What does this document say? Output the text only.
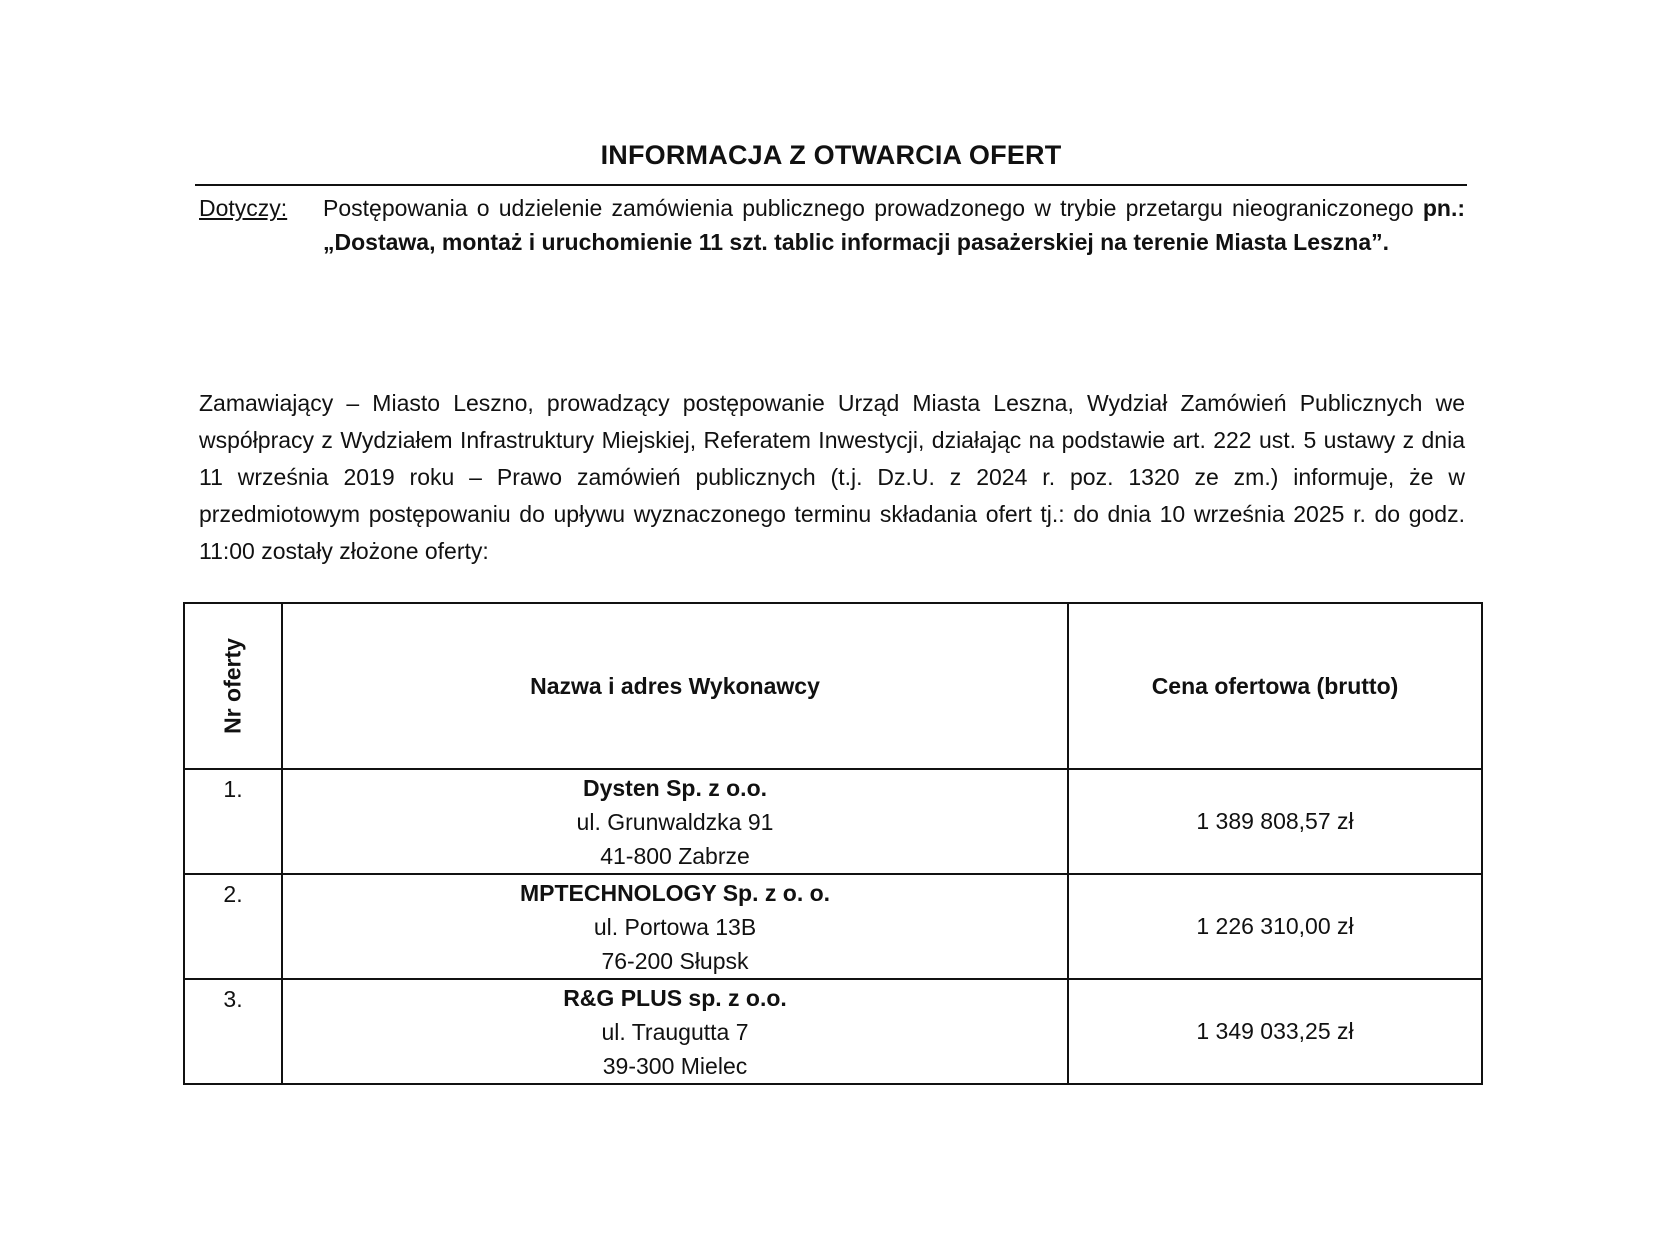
INFORMACJA Z OTWARCIA OFERT
Dotyczy: Postępowania o udzielenie zamówienia publicznego prowadzonego w trybie przetargu nieograniczonego pn.: „Dostawa, montaż i uruchomienie 11 szt. tablic informacji pasażerskiej na terenie Miasta Leszna”.
Zamawiający – Miasto Leszno, prowadzący postępowanie Urząd Miasta Leszna, Wydział Zamówień Publicznych we współpracy z Wydziałem Infrastruktury Miejskiej, Referatem Inwestycji, działając na podstawie art. 222 ust. 5 ustawy z dnia 11 września 2019 roku – Prawo zamówień publicznych (t.j. Dz.U. z 2024 r. poz. 1320 ze zm.) informuje, że w przedmiotowym postępowaniu do upływu wyznaczonego terminu składania ofert tj.: do dnia 10 września 2025 r. do godz. 11:00 zostały złożone oferty:
Nr oferty	Nazwa i adres Wykonawcy	Cena ofertowa (brutto)
1.	Dysten Sp. z o.o.
ul. Grunwaldzka 91
41-800 Zabrze	1 389 808,57 zł
2.	MPTECHNOLOGY Sp. z o. o.
ul. Portowa 13B
76-200 Słupsk	1 226 310,00 zł
3.	R&G PLUS sp. z o.o.
ul. Traugutta 7
39-300 Mielec	1 349 033,25 zł
